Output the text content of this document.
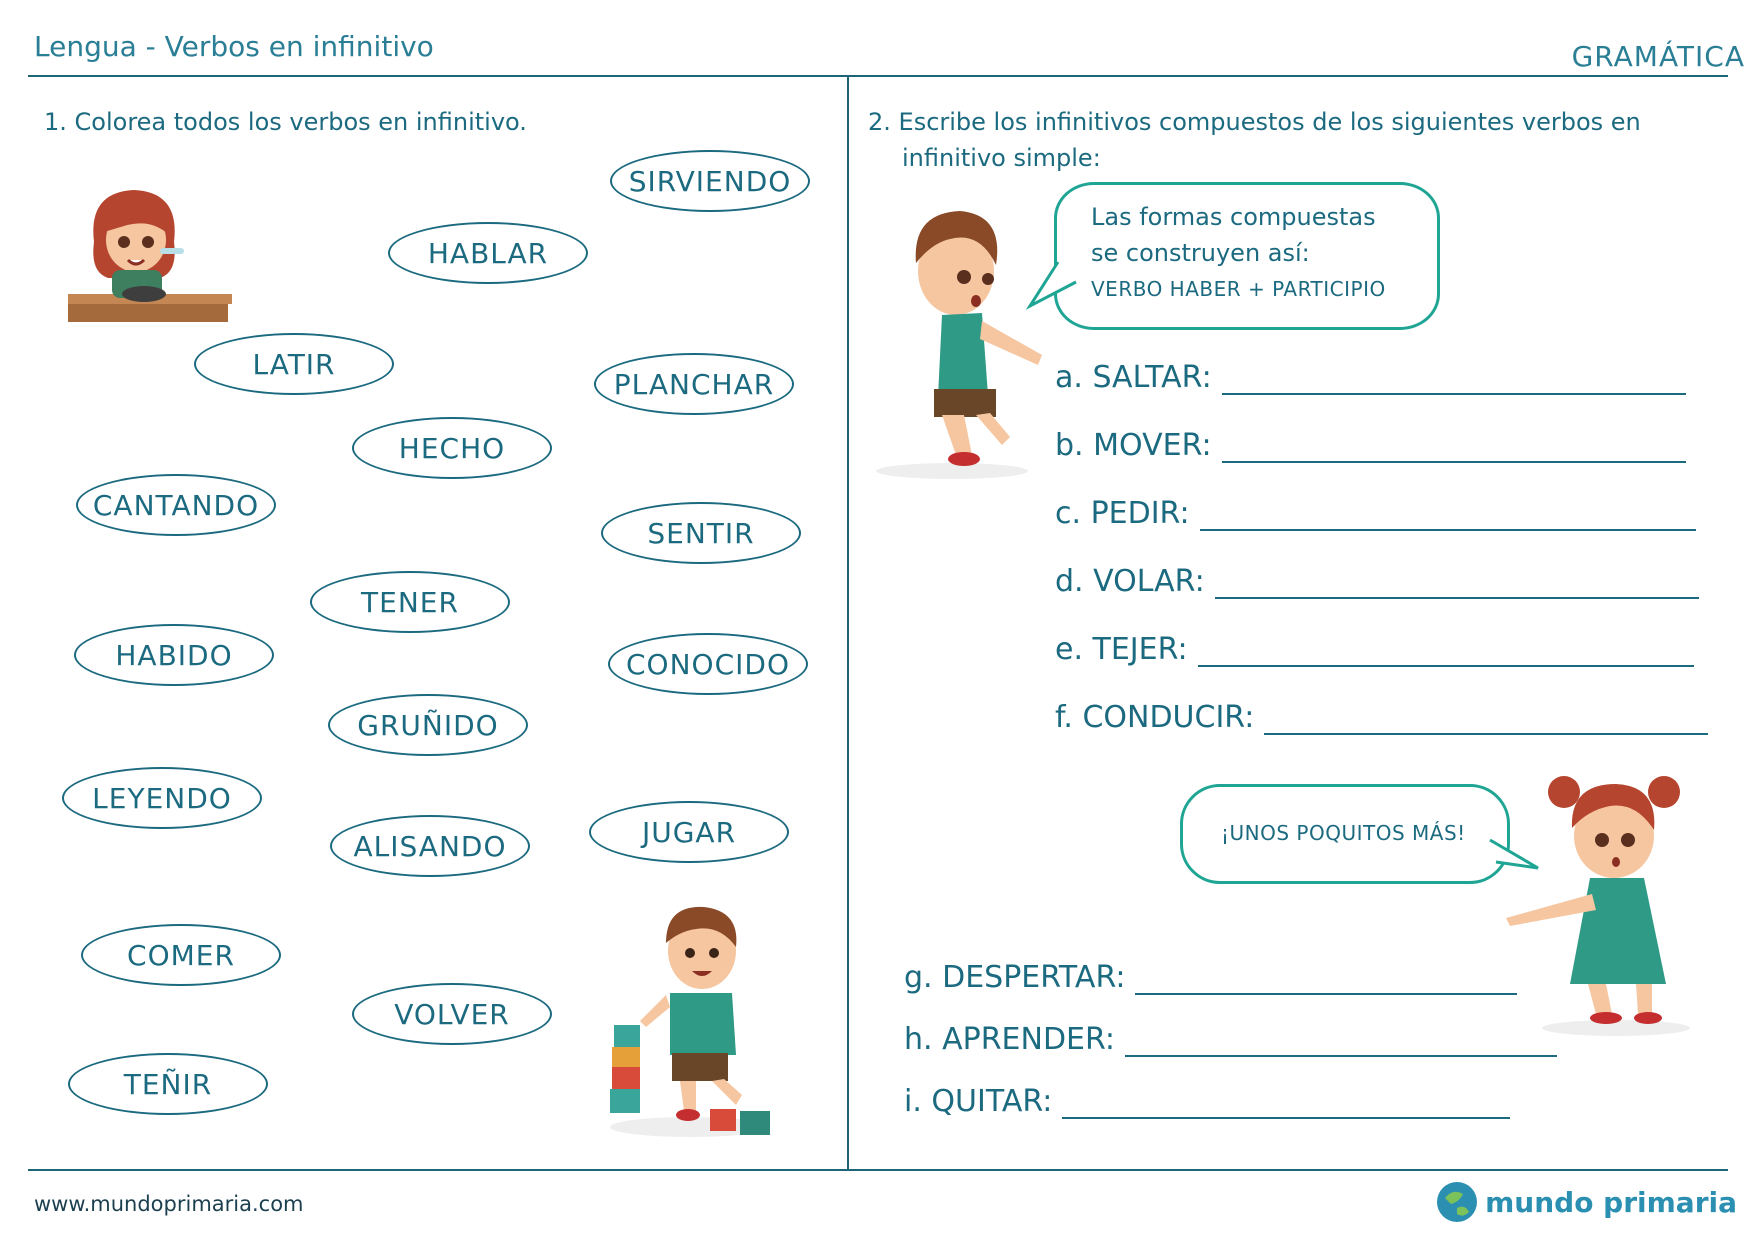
Lengua - Verbos en infinitivo	GRAMÁTICA
1. Colorea todos los verbos en infinitivo.
SIRVIENDO
HABLAR
LATIR
PLANCHAR
HECHO
CANTANDO
SENTIR
TENER
HABIDO	CONOCIDO
GRUÑIDO
LEYENDO
ALISANDO	JUGAR
COMER
VOLVER
TEÑIR
2. Escribe los infinitivos compuestos de los siguientes verbos en
infinitivo simple:
Las formas compuestas
se construyen así:
VERBO HABER + PARTICIPIO
a. SALTAR:
b. MOVER:
c. PEDIR:
d. VOLAR:
e. TEJER:
f. CONDUCIR:
g. DESPERTAR:
h. APRENDER:
i. QUITAR:
¡UNOS POQUITOS MÁS!
www.mundoprimaria.com	mundo primaria
